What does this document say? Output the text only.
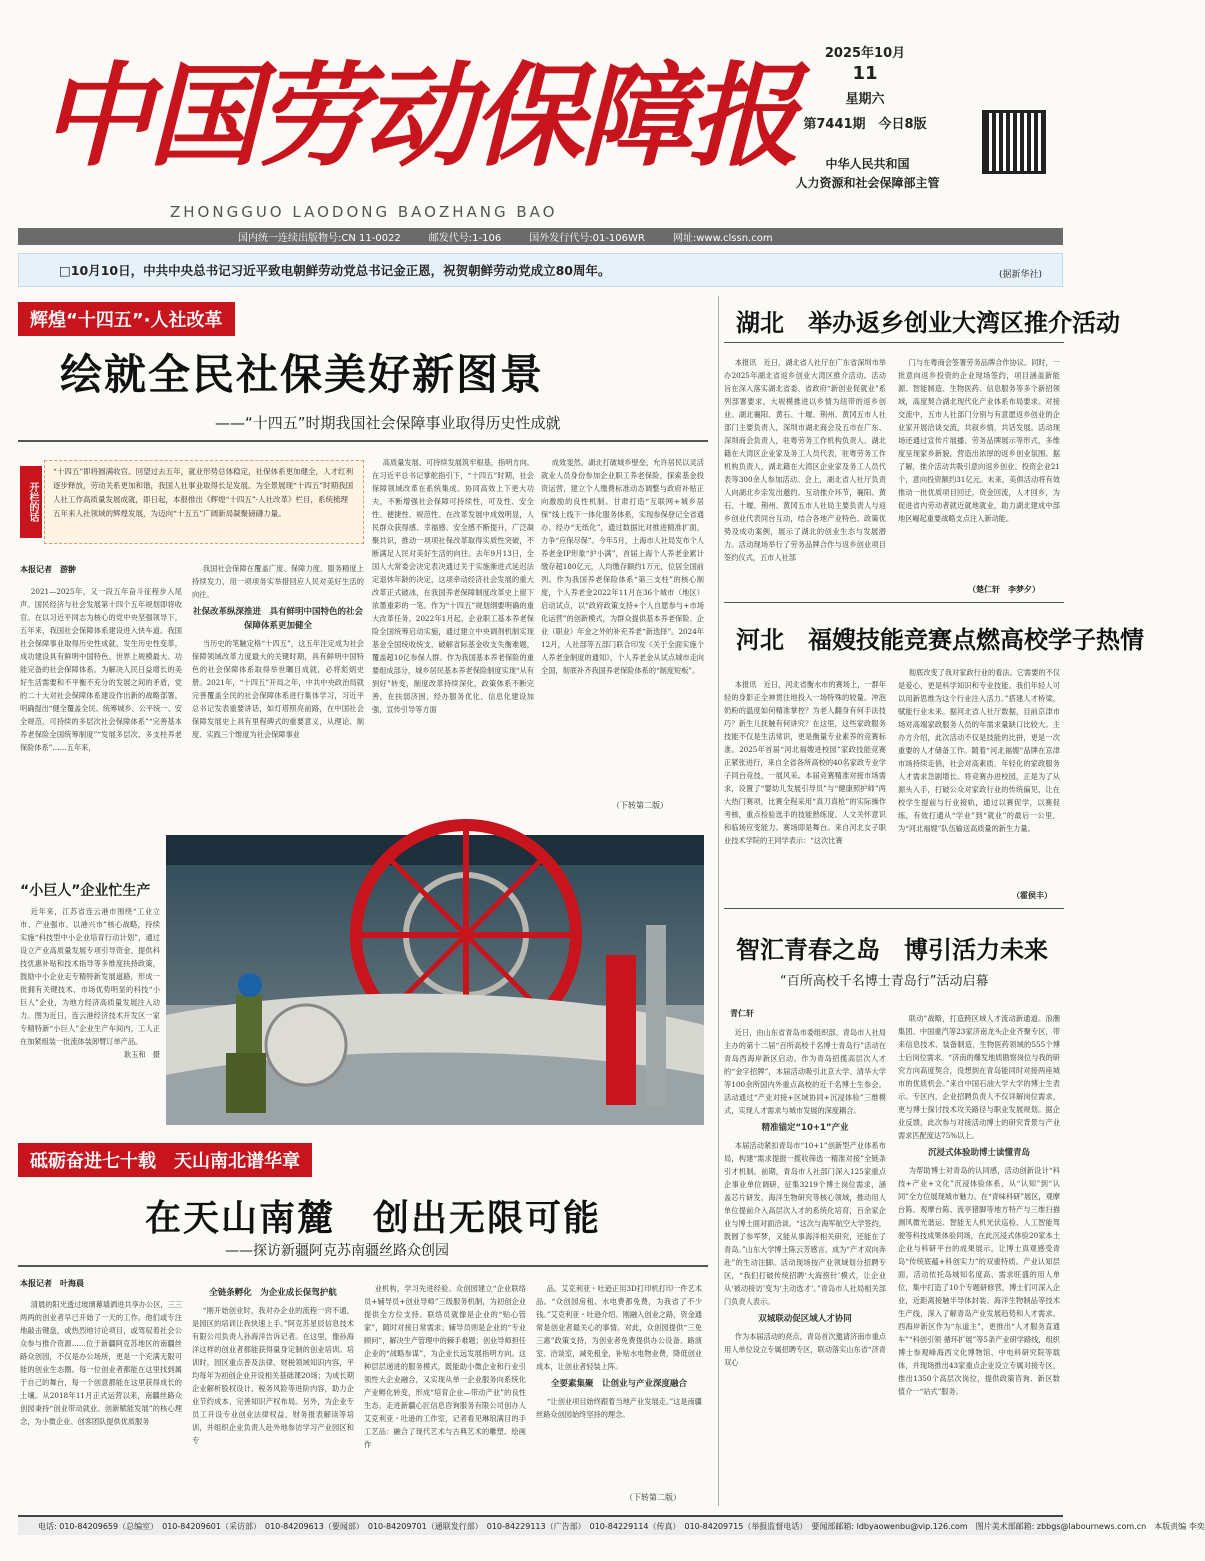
中国劳动保障报
ZHONGGUO LAODONG BAOZHANG BAO
2025年10月
11
星期六
第7441期　今日8版
中华人民共和国
人力资源和社会保障部主管
国内统一连续出版物号:CN 11-0022	邮发代号:1-106	国外发行代号:01-106WR	网址:www.clssn.com
□10月10日，中共中央总书记习近平致电朝鲜劳动党总书记金正恩，祝贺朝鲜劳动党成立80周年。	(据新华社)
辉煌“十四五”·人社改革
绘就全民社保美好新图景
——“十四五”时期我国社会保障事业取得历史性成就
开栏的话
“十四五”即将圆满收官。回望过去五年，就业形势总体稳定，社保体系更加健全，人才红利逐步释放，劳动关系更加和谐，我国人社事业取得长足发展。为全景展现“十四五”时期我国人社工作高质量发展成就，即日起，本报推出《辉煌“十四五”·人社改革》栏目，系统梳理五年来人社领域的辉煌发展，为迈向“十五五”广阔新局凝聚磅礴力量。
本报记者　游翀

2021—2025年，又一段五年奋斗征程步入尾声。国民经济与社会发展第十四个五年规划即将收官。在以习近平同志为核心的党中央坚强领导下，五年来，我国社会保障体系建设进入快车道。我国社会保障事业取得历史性成就、发生历史性变革，成功建设具有鲜明中国特色、世界上规模最大、功能完备的社会保障体系。为解决人民日益增长的美好生活需要和不平衡不充分的发展之间的矛盾，党的二十大对社会保障体系建设作出新的战略部署，明确提出“健全覆盖全民、统筹城乡、公平统一、安全规范、可持续的多层次社会保障体系”“完善基本养老保险全国统筹制度”“发展多层次、多支柱养老保险体系”……五年来，

我国社会保障在覆盖广度、保障力度、服务精度上持续发力，用一项项务实举措回应人民对美好生活的向往。

社保改革纵深推进　具有鲜明中国特色的社会保障体系更加健全

当历史的笔触定格“十四五”，这五年注定成为社会保障领域改革力度最大的关键时期，具有鲜明中国特色的社会保障体系取得举世瞩目成就，必将彪炳史册。2021年，“十四五”开局之年，中共中央政治局就完善覆盖全民的社会保障体系进行集体学习，习近平总书记发表重要讲话，如灯塔照亮前路，在中国社会保障发展史上具有里程碑式的重要意义，从理论、制度、实践三个维度为社会保障事业

高质量发展、可持续发展筑牢根基，指明方向。在习近平总书记掌舵指引下，“十四五”时期，社会保障领域改革在系统集成、协同高效上下更大功夫，不断增强社会保障可持续性，可及性、安全性、便捷性、规范性、在改革发展中成效明显，人民群众获得感、幸福感、安全感不断提升，广泛凝聚共识，推动一项项社保改革取得实质性突破，不断满足人民对美好生活的向往。去年9月13日，全国人大常委会决定表决通过关于实施渐进式延迟法定退休年龄的决定，这项牵动经济社会发展的重大改革正式破冰，在我国养老保障制度改革史上留下浓墨重彩的一笔。作为“十四五”规划纲要明确的重大改革任务，2022年1月起，企业职工基本养老保险全国统筹启动实施，通过建立中央调剂机制实现基金全国统收统支，破解省际基金收支失衡难题，覆盖超10亿参保人群。作为我国基本养老保险的重要组成部分，城乡居民基本养老保险制度实现“从有到好”转变，制度改革持续深化，政策体系不断完善，在扶弱济困、经办服务优化、信息化建设加强，宣传引导等方面

成效斐然。湖北打破城乡壁垒，允许居民以灵活就业人员身份参加企业职工养老保险，探索基金投资运营，建立个人缴费标准动态调整与政府补贴正向激励的良性机制。甘肃打造“互联网+城乡居保”线上线下一体化服务体系，实现参保登记全省通办、经办“无纸化”，通过数据比对推进精准扩面，力争“应保尽保”。今年5月，上海市人社局发布个人养老金IP形象“沪小满”，首届上海个人养老金累计缴存超180亿元，人均缴存额约1万元，位居全国前列。作为我国养老保险体系“第三支柱”的核心制度，个人养老金2022年11月在36个城市（地区）启动试点，以“政府政策支持+个人自愿参与+市场化运营”的创新模式，为群众提供基本养老保险、企业（职业）年金之外的补充养老“新选择”。2024年12月，人社部等五部门联合印发《关于全面实施个人养老金制度的通知》，个人养老金从试点城市走向全国，彻底补齐我国养老保险体系的“制度短板”。

（下转第二版）
“小巨人”企业忙生产

近年来，江苏省连云港市围绕“工业立市、产业强市、以港兴市”核心战略，持续实施“科技型中小企业培育行动计划”，通过设立产业高质量发展专项引导资金、提供科技优惠补贴和技术指导等多维度扶持政策，鼓励中小企业走专精特新发展道路，形成一批拥有关键技术、市场优势明显的科技“小巨人”企业，为地方经济高质量发展注入动力。图为近日，连云港经济技术开发区一家专精特新“小巨人”企业生产车间内，工人正在加紧组装一批流体装卸臂订单产品。

耿玉和　摄
砥砺奋进七十载　天山南北谱华章
在天山南麓　创出无限可能
——探访新疆阿克苏南疆丝路众创园
本报记者　叶海晨

清晨的阳光透过玻璃幕墙洒进共享办公区，三三两两的创业者早已开始了一天的工作。他们或专注地敲击键盘，或热烈地讨论项目，或驾驭着社会公众参与推介资源……位于新疆阿克苏地区的南疆丝路众创园，不仅是办公场所，更是一个充满无限可能的创业生态圈。每一位创业者都能在这里找到属于自己的舞台，每一个创意都能在这里获得成长的土壤。从2018年11月正式运营以来，南疆丝路众创园秉持“创业带动就业、创新赋能发展”的核心理念，为小微企业、创客团队提供优质服务

全链条孵化　为企业成长保驾护航

“刚开始创业时，我对办企业的流程一窍不通，是园区的培训让我快速上手。”阿克苏星辰信息技术有限公司负责人孙海洋告诉记者。在这里，像孙海洋这样的创业者都能获得量身定制的创业培训。培训时，园区重点普及法律、财税领域知识内容，平均每年为初创企业开设相关基础课20场；为成长期企业解析股权设计、税务风险等进阶内容，助力企业节约成本、完善知识产权布局。另外，为企业专员工开设专业创业法律权益、财务报表解读等培训，并组织企业负责人赴外地参访学习产业园区和专

业机构，学习先进经验。众创园建立“企业联络员+辅导员+创业导师”三级服务机制，为初创企业提供全方位支持。联络员就像是企业的“贴心管家”，随时对接日常需求；辅导员则是企业的“专业顾问”，解决生产管理中的棘手难题；创业导师担任企业的“战略参谋”，为企业长远发展指明方向。这种层层递进的服务模式，既能助小微企业和行业引领性大企业融合，又实现从单一企业服务向系统化产业孵化转变，形成“培育企业—带动产业”的良性生态。走进新疆心匠信息咨询服务有限公司创办人艾克利亚・吐逊的工作室，记者看见琳琅满目的手工艺品：融合了现代艺术与古典艺术的雕塑、绘画作

品。艾克利亚・吐逊正用3D打印机打印一件艺术品。“众创园房租、水电费都免费，为我省了不少钱。”艾克利亚・吐逊介绍。刚融入创业之路，资金通常是创业者最关心的事情。对此，众创园提供“三免三惠”政策支持，为创业者免费提供办公设备、路演室、洽谈室，减免租金，补贴水电物业费，降低创业成本，让创业者轻装上阵。

全要素集聚　让创业与产业深度融合

“让创业项目始终跟着当地产业发展走。”这是南疆丝路众创园始终坚持的理念。

（下转第二版）
湖北　举办返乡创业大湾区推介活动

本报讯　近日，湖北省人社厅在广东省深圳市举办2025年湖北省返乡创业大湾区推介活动。活动旨在深入落实湖北省委、省政府“新创业促就业”系列部署要求，大规模推进以乡情为纽带的返乡创业。湖北襄阳、黄石、十堰、荆州、黄冈五市人社部门主要负责人，深圳市湖北商会及五市在广东、深圳商会负责人，驻粤劳务工作机构负责人、湖北籍在大湾区企业家及务工人员代表，驻粤劳务工作机构负责人，湖北籍在大湾区企业家及务工人员代表等300余人参加活动。会上，湖北省人社厅负责人向湖北乡亲发出邀约。互动推介环节，襄阳、黄石、十堰、荆州、黄冈五市人社局主要负责人与返乡创业代表同台互动，结合各地产业特色、政策优势及成功案例，展示了湖北的创业生态与发展潜力。活动现场举行了劳务品牌合作与返乡创业项目签约仪式，五市人社部

门与在粤商会签署劳务品牌合作协议。同时，一批意向返乡投资的企业现场签约，项目涵盖新能源、智能制造、生物医药、信息服务等多个新招领域，高度契合湖北现代化产业体系布局要求。对接交流中，五市人社部门分别与有意愿返乡创业的企业家开展洽谈交流，共叙乡情、共话发展。活动现场还通过宣传片展播、劳务品牌展示等形式，多维度呈现家乡新貌，营造出浓厚的返乡创业氛围。据了解，推介活动共吸引意向返乡创业、投资企业21个，意向投资额约31亿元。未来，美俱活动将有效推动一批优质项目回迁，资金回流，人才回乡，为促进省内劳动者就近就地就业，助力湖北建成中部地区崛起重要战略支点注入新动能。

（楚仁轩　李梦夕）
河北　福嫂技能竞赛点燃高校学子热情

本报讯　近日，河北省衡水市的赛场上，一群年轻的身影正全神贯注地投入一场特殊的较量。冲泡奶粉的温度如何精准掌控？为老人翻身有何手法技巧？新生儿抚触有何讲究？在这里，这些家政服务技能不仅是生活常识，更是衡量专业素养的竞赛标准。2025年首届“河北福嫂进校园”家政技能竞赛正紧张进行，来自全省各所高校的40名家政专业学子同台竞技，一展风采。本届竞赛精准对接市场需求，设置了“婴幼儿发展引导员”与“健康照护师”两大热门赛项，比赛全程采用“真刀真枪”的实际操作考核，重点检验选手的技能熟练度、人文关怀意识和临场应变能力。赛场即是舞台。来自河北女子职业技术学院的王同学表示：“这次比赛

彻底改变了我对家政行业的看法。它需要的不仅是爱心，更是科学知识和专业技能。我们年轻人可以用新思维为这个行业注入活力。”搭建人才桥梁，赋能行业未来。据河北省人社厅数据，目前京津市场对高端家政服务人员的年需求量缺口比较大。主办方介绍，此次活动不仅是技能的比拼，更是一次重要的人才储备工作。随着“河北福嫂”品牌在京津市场持续走俏，社会对高素质、年轻化的家政服务人才需求急剧增长。将竞赛办进校园，正是为了从源头入手，打破公众对家政行业的传统偏见，让在校学生提前与行业接轨，通过以赛促学，以赛促练，有效打通从“学业”到“就业”的最后一公里，为“河北福嫂”队伍输送高质量的新生力量。

（霍侯丰）
智汇青春之岛　博引活力未来
“百所高校千名博士青岛行”活动启幕
青仁轩

近日，由山东省青岛市委组织部、青岛市人社局主办的第十二届“百所高校千名博士青岛行”活动在青岛西海岸新区启动。作为青岛招揽高层次人才的“金字招牌”，本届活动吸引北京大学、清华大学等100余所国内外重点高校的近千名博士生参会。活动通过“产业对接+区域协同+沉浸体验”三维模式，实现人才需求与城市发展的深度耦合。

精准锚定“10+1”产业

本届活动紧扣青岛市“10+1”创新型产业体系布局，构建“需求提报一揽收筛选一精准对接”全链条引才机制。前期，青岛市人社部门深入125家重点企事业单位调研，征集3219个博士岗位需求，涵盖芯片研发、海洋生物研究等核心领域，推动用人单位提前介入高层次人才的系统化培育，百余家企业与博士面对面洽谈。“这次与海军航空大学签约，既圆了参军梦，又能从事海洋相关研究，还能在了青岛。”山东大学博士陈云芳感言。成为“产才双向奔赴”的生动注脚。活动现场按产业领域划分招聘专区，“我们打破传统招聘‘大海捞针’模式，让企业从‘被动接访’变为‘主动选才’。”青岛市人社局相关部门负责人表示。

双城联动促区域人才协同

作为本届活动的亮点，青岛首次邀请济南市重点用人单位设立专属招聘专区，联动落实山东省“济青双心

联动”战略，打造跨区域人才流动新通道。浪潮集团、中国重汽等23家济南龙头企业齐聚专区，带来信息技术、装备制造、生物医药领域的555个博士后岗位需求。“济南的爆发地质勘察岗位与我的研究方向高度契合，没想到在青岛能同时对接两座城市的优质机会。”来自中国石油大学大学的博士生表示。专区内，企业招聘负责人不仅详解岗位需求，更与博士探讨技术攻关路径与职业发展规划。据企业反馈，此次参与对接活动博士的研究背景与产业需求匹配度达75%以上。

沉浸式体验助博士读懂青岛

为帮助博士对青岛的认同感，活动创新设计“科技+产业+文化”沉浸体验体系，从“认知”到“认同”全方位展现城市魅力。在“青味科研”展区，观摩台陈、观摩台陈、流亭猪脚等地方特产与三维扫描测风微光谐运、智能无人机光伏巡检、人工智能驾驶等科技成果体验同场，在此沉浸式体验20家本土企业与科研平台的成果展示，让博士真观感受青岛“传统底蕴+科创实力”的双重特质。产业认知层面，活动依托岛城知名度高、需求旺盛的用人单位，集中打造了10个专题研修营，博士们可深入企业，近距离接触半导体封装、海洋生物制品等技术生产线，深入了解青岛产业发展趋势和人才需求。西海岸新区作为“东道主”，更推出“人才服务直通车”“科创引领 循环扩展”等5条产业研学路线，组织博士参观峰海西文化博物馆、中电科研究院等载体，并现场推出43家重点企业设立专属对接专区，推出1350个高层次岗位，提供政策咨询、新区数值介一“站式”服务。

电话: 010-84209659（总编室）　010-84209601（采访部）　010-84209613（要闻部）　010-84209701（通联发行部）　010-84229113（广告部）　010-84229114（传真）　010-84209715（举报监督电话）　要闻部邮箱: ldbyaowenbu@vip.126.com　图片美术部邮箱: zbbgs@labournews.com.cn　本版责编 李奕
